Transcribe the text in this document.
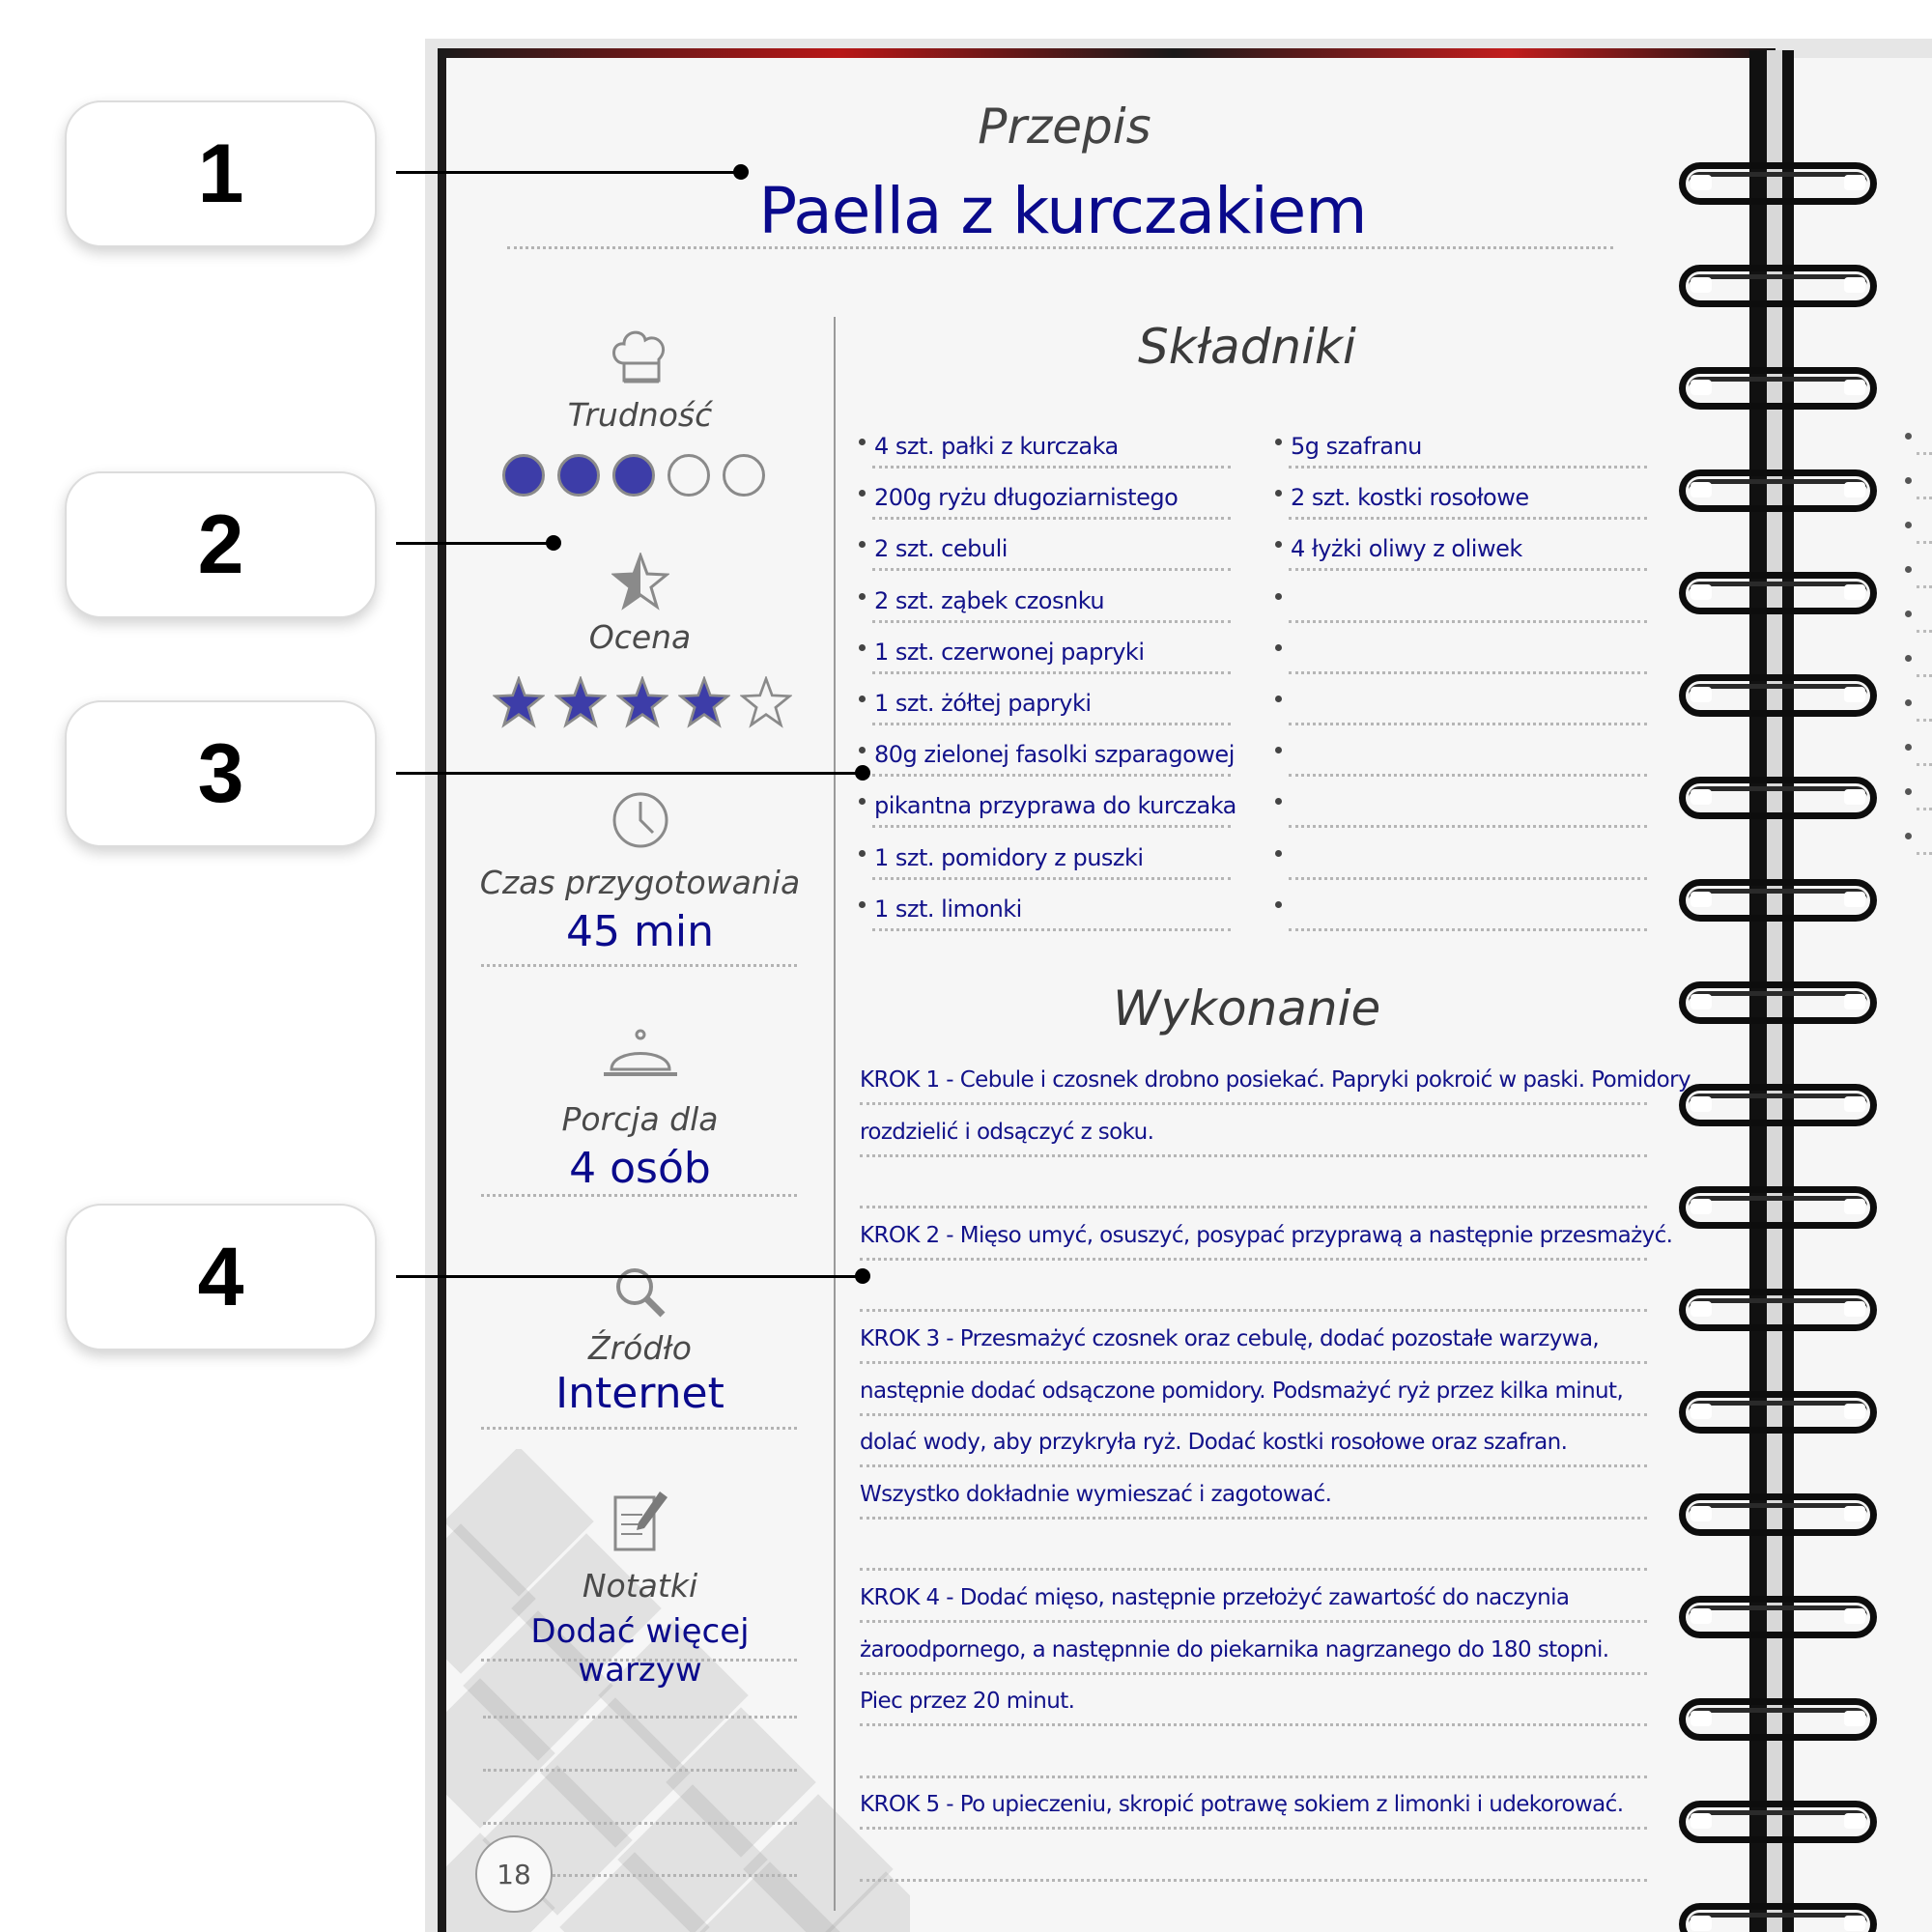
Przepis
Paella z kurczakiem
Trudność
Ocena
Czas przygotowania
45 min
Porcja dla
4 osób
Źródło
Internet
Notatki
Dodać więcej warzyw
18
Składniki
4 szt. pałki z kurczaka
200g ryżu długoziarnistego
2 szt. cebuli
2 szt. ząbek czosnku
1 szt. czerwonej papryki
1 szt. żółtej papryki
80g zielonej fasolki szparagowej
pikantna przyprawa do kurczaka
1 szt. pomidory z puszki
1 szt. limonki
5g szafranu
2 szt. kostki rosołowe
4 łyżki oliwy z oliwek
Wykonanie
KROK 1 - Cebule i czosnek drobno posiekać. Papryki pokroić w paski. Pomidory
rozdzielić i odsączyć z soku.
KROK 2 - Mięso umyć, osuszyć, posypać przyprawą a następnie przesmażyć.
KROK 3 - Przesmażyć czosnek oraz cebulę, dodać pozostałe warzywa,
następnie dodać odsączone pomidory. Podsmażyć ryż przez kilka minut,
dolać wody, aby przykryła ryż. Dodać kostki rosołowe oraz szafran.
Wszystko dokładnie wymieszać i zagotować.
KROK 4 - Dodać mięso, następnie przełożyć zawartość do naczynia
żaroodpornego, a następnnie do piekarnika nagrzanego do 180 stopni.
Piec przez 20 minut.
KROK 5 - Po upieczeniu, skropić potrawę sokiem z limonki i udekorować.
1
2
3
4
